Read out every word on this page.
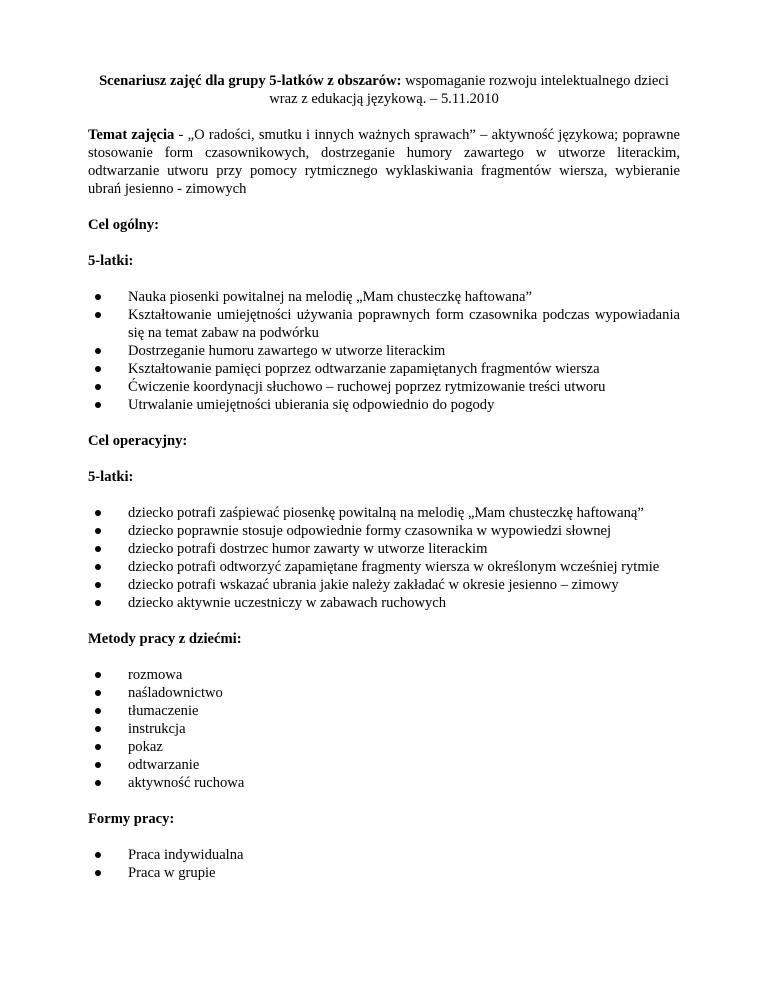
Scenariusz zajęć dla grupy 5-latków z obszarów: wspomaganie rozwoju intelektualnego dzieci wraz z edukacją językową. – 5.11.2010

Temat zajęcia - „O radości, smutku i innych ważnych sprawach” – aktywność językowa; poprawne stosowanie form czasownikowych, dostrzeganie humory zawartego w utworze literackim, odtwarzanie utworu przy pomocy rytmicznego wyklaskiwania fragmentów wiersza, wybieranie ubrań jesienno - zimowych

Cel ogólny:
5-latki:
Nauka piosenki powitalnej na melodię „Mam chusteczkę haftowana”
Kształtowanie umiejętności używania poprawnych form czasownika podczas wypowiadania się na temat zabaw na podwórku
Dostrzeganie humoru zawartego w utworze literackim
Kształtowanie pamięci poprzez odtwarzanie zapamiętanych fragmentów wiersza
Ćwiczenie koordynacji słuchowo – ruchowej poprzez rytmizowanie treści utworu
Utrwalanie umiejętności ubierania się odpowiednio do pogody
Cel operacyjny:
5-latki:
dziecko potrafi zaśpiewać piosenkę powitalną na melodię „Mam chusteczkę haftowaną”
dziecko poprawnie stosuje odpowiednie formy czasownika w wypowiedzi słownej
dziecko potrafi dostrzec humor zawarty w utworze literackim
dziecko potrafi odtworzyć zapamiętane fragmenty wiersza w określonym wcześniej rytmie
dziecko potrafi wskazać ubrania jakie należy zakładać w okresie jesienno – zimowy
dziecko aktywnie uczestniczy w zabawach ruchowych
Metody pracy z dziećmi:
rozmowa
naśladownictwo
tłumaczenie
instrukcja
pokaz
odtwarzanie
aktywność ruchowa
Formy pracy:
Praca indywidualna
Praca w grupie
